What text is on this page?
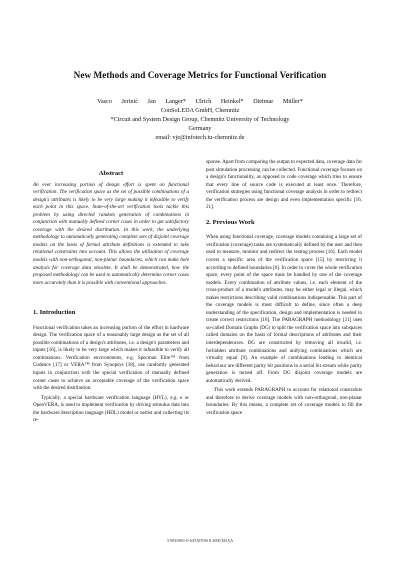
New Methods and Coverage Metrics for Functional Verification
Vasco Jerinić Jan Langer* Ulrich Heinkel* Dietmar Müller*
ConSoLEDA GmbH, Chemnitz
*Circuit and System Design Group, Chemnitz University of Technology
Germany
email: vje@infotech.tu-chemnitz.de

Abstract

An ever increasing portion of design effort is spent on functional verification. The verification space as the set of possible combinations of a design's attributes is likely to be very large making it infeasible to verify each point in this space. State-of-the-art verification tools tackle this problem by using directed random generation of combinations in conjunction with manually defined corner cases in order to get satisfactory coverage with the desired distribution. In this work, the underlying methodology to automatically generating complete sets of disjoint coverage models on the basis of formal attribute definitions is extended to take relational constraints into account. This allows the utilization of coverage models with non-orthogonal, non-planar boundaries, which can make hole analysis for coverage data obsolete. It shall be demonstrated, how the proposed methodology can be used to automatically determine corner cases more accurately than it is possible with conventional approaches.

1. Introduction

Functional verification takes an increasing portion of the effort in hardware design. The verification space of a reasonably large design as the set of all possible combinations of a design's attributes, i.e. a design's parameters and inputs [16], is likely to be very large which makes it infeasible to verify all combinations. Verification environments, e.g. Specman Elite™ from Codence [17] or VERA™ from Synopsys [18], use randomly generated inputs in conjunction with the special verification of manually defined corner cases to achieve an acceptable coverage of the verification space with the desired distribution.

Typically, a special hardware verification language (HVL), e.g. e or OpenVERA, is used to implement verification by driving stimulus data into the hardware description language (HDL) model or netlist and collecting its re-

sponse. Apart from comparing the output to expected data, coverage data for post simulation processing can be collected. Functional coverage focuses on a design's functionality, as opposed to code coverage which tries to ensure that every line of source code is executed at least once. Therefore, verification strategies using functional coverage analysis in order to redirect the verification process are design and even implementation specific [16, 21].

2. Previous Work

When using functional coverage, coverage models containing a large set of verification (coverage) tasks are systematically defined by the user and then used to measure, monitor and redirect the testing process [16]. Each model covers a specific area of the verification space [15] by restricting it according to defined boundaries [6]. In order to cover the whole verification space, every point of the space must be handled by one of the coverage models. Every combination of attribute values, i.e. each element of the cross-product of a model's attributes, may be either legal or illegal, which makes restrictions describing valid combinations indispensable. This part of the coverage models is most difficult to define, since often a deep understanding of the specification, design and implementation is needed to create correct restrictions [16]. The PARAGRAPH methodology [11] uses so-called Domain Graphs (DG) to split the verification space into subspaces called domains on the basis of formal descriptions of attributes and their interdependencies. DG are constructed by removing all invalid, i.e. forbidden attribute combinations and unifying combinations which are virtually equal [9]. An example of combinations leading to identical behaviour are different parity bit positions in a serial bit stream while parity generation is turned off. From DG disjoint coverage models are automatically derived.

This work extends PARAGRAPH to account for relational constraints and therefore to derive coverage models with non-orthogonal, non-planar boundaries. By this means, a complete set of coverage models to fill the verification space

3-9810801-0-6/DATE00 $ 2000 EDAA
